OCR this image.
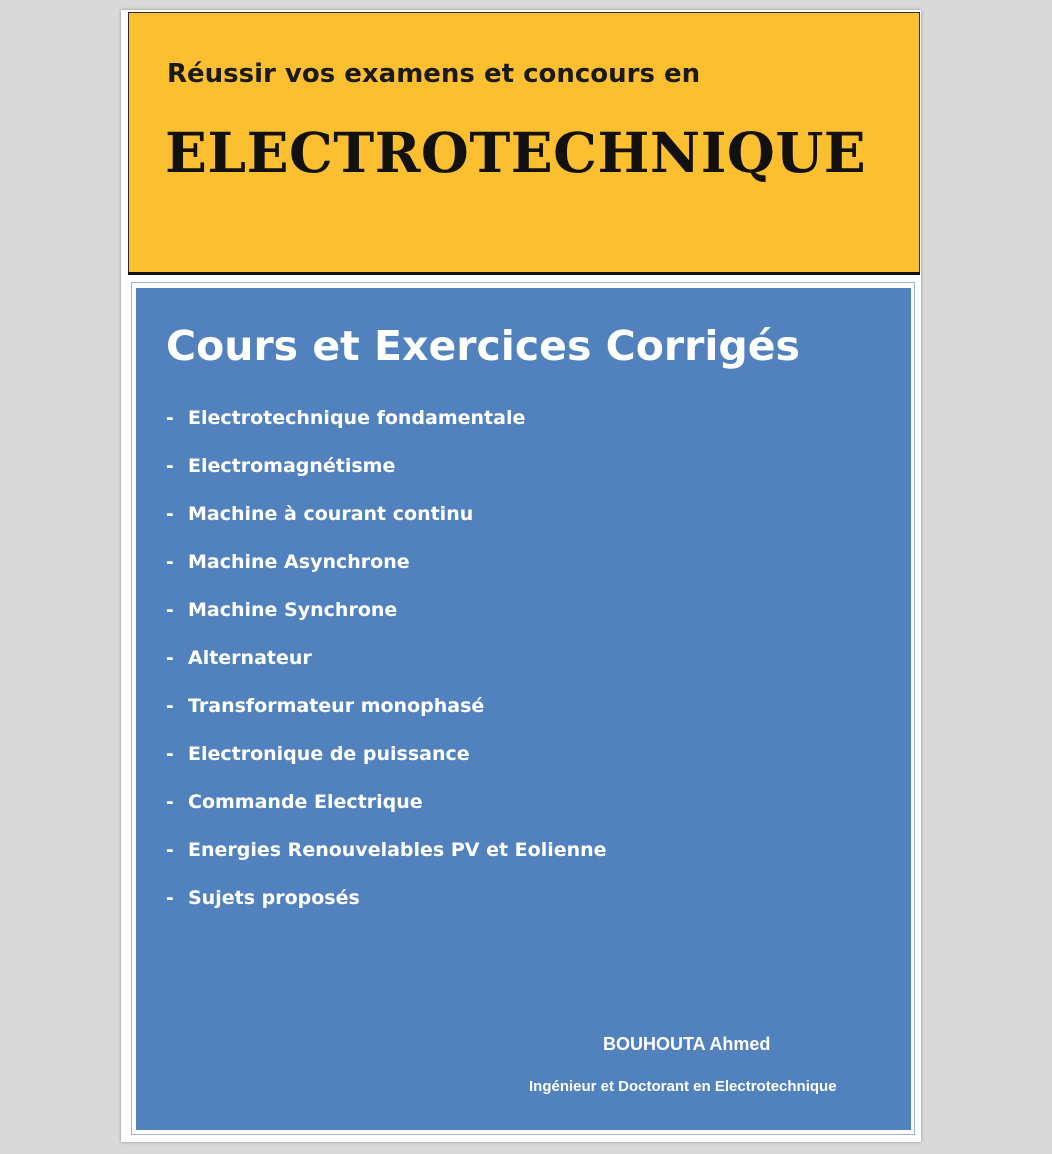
Réussir vos examens et concours en
ELECTROTECHNIQUE
Cours et Exercices Corrigés
- Electrotechnique fondamentale
- Electromagnétisme
- Machine à courant continu
- Machine Asynchrone
- Machine Synchrone
- Alternateur
- Transformateur monophasé
- Electronique de puissance
- Commande Electrique
- Energies Renouvelables PV et Eolienne
- Sujets proposés

BOUHOUTA Ahmed

Ingénieur et Doctorant en Electrotechnique
